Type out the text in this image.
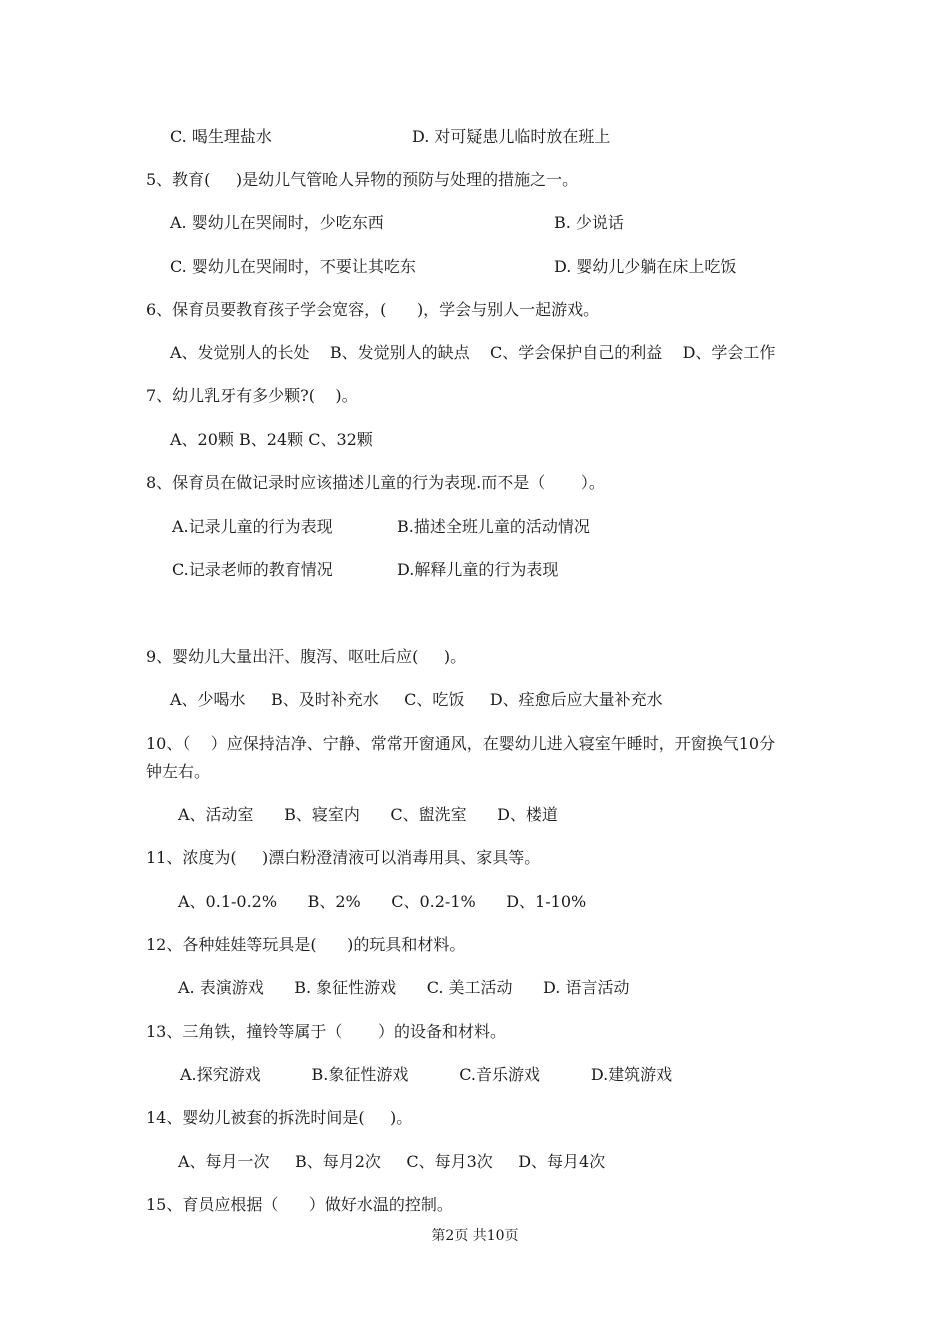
C. 喝生理盐水	D. 对可疑患儿临时放在班上
5、教育(     )是幼儿气管呛人异物的预防与处理的措施之一。
A. 婴幼儿在哭闹时，少吃东西	B. 少说话
C. 婴幼儿在哭闹时，不要让其吃东	D. 婴幼儿少躺在床上吃饭
6、保育员要教育孩子学会宽容，(      )，学会与别人一起游戏。
A、发觉别人的长处    B、发觉别人的缺点    C、学会保护自己的利益    D、学会工作
7、幼儿乳牙有多少颗?(    )。
A、20颗 B、24颗 C、32颗
8、保育员在做记录时应该描述儿童的行为表现.而不是（       ）。
A.记录儿童的行为表现	B.描述全班儿童的活动情况
C.记录老师的教育情况	D.解释儿童的行为表现
9、婴幼儿大量出汗、腹泻、呕吐后应(     )。
A、少喝水     B、及时补充水     C、吃饭     D、痊愈后应大量补充水
10、（    ）应保持洁净、宁静、常常开窗通风，在婴幼儿进入寝室午睡时，开窗换气10分
钟左右。
A、活动室      B、寝室内      C、盥洗室      D、楼道
11、浓度为(     )漂白粉澄清液可以消毒用具、家具等。
A、0.1-0.2%      B、2%      C、0.2-1%      D、1-10%
12、各种娃娃等玩具是(      )的玩具和材料。
A. 表演游戏      B. 象征性游戏      C. 美工活动      D. 语言活动
13、三角铁，撞铃等属于（       ）的设备和材料。
A.探究游戏          B.象征性游戏          C.音乐游戏          D.建筑游戏
14、婴幼儿被套的拆洗时间是(     )。
A、每月一次     B、每月2次     C、每月3次     D、每月4次
15、育员应根据（      ）做好水温的控制。
第2页 共10页
